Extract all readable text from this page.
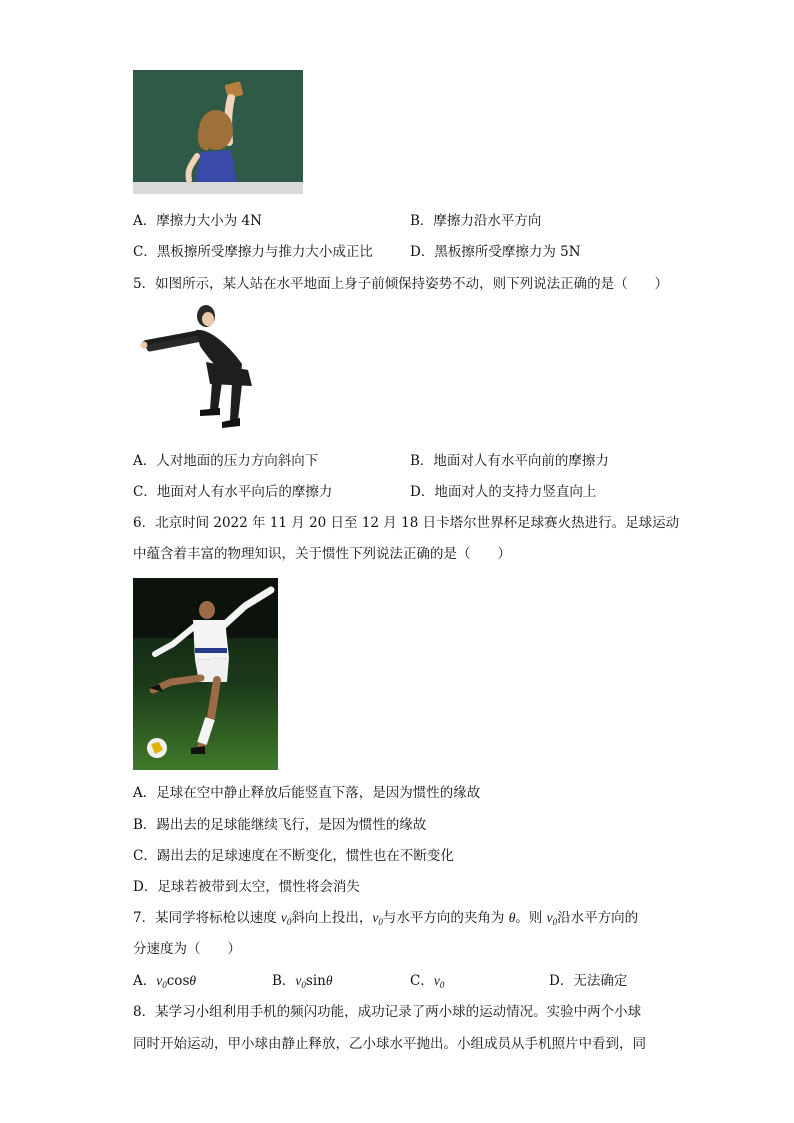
A．摩擦力大小为 4N	B．摩擦力沿水平方向
C．黑板擦所受摩擦力与推力大小成正比	D．黑板擦所受摩擦力为 5N
5．如图所示，某人站在水平地面上身子前倾保持姿势不动，则下列说法正确的是（　　）
A．人对地面的压力方向斜向下	B．地面对人有水平向前的摩擦力
C．地面对人有水平向后的摩擦力	D．地面对人的支持力竖直向上
6．北京时间 2022 年 11 月 20 日至 12 月 18 日卡塔尔世界杯足球赛火热进行。足球运动
中蕴含着丰富的物理知识，关于惯性下列说法正确的是（　　）
A．足球在空中静止释放后能竖直下落，是因为惯性的缘故
B．踢出去的足球能继续飞行，是因为惯性的缘故
C．踢出去的足球速度在不断变化，惯性也在不断变化
D．足球若被带到太空，惯性将会消失
7．某同学将标枪以速度 $v_0$斜向上投出，$v_0$与水平方向的夹角为 θ。则 $v_0$沿水平方向的
分速度为（　　）
A．$v_0\cos\theta$	B．$v_0\sin\theta$	C．$v_0$	D．无法确定
8．某学习小组利用手机的频闪功能，成功记录了两小球的运动情况。实验中两个小球
同时开始运动，甲小球由静止释放，乙小球水平抛出。小组成员从手机照片中看到，同
